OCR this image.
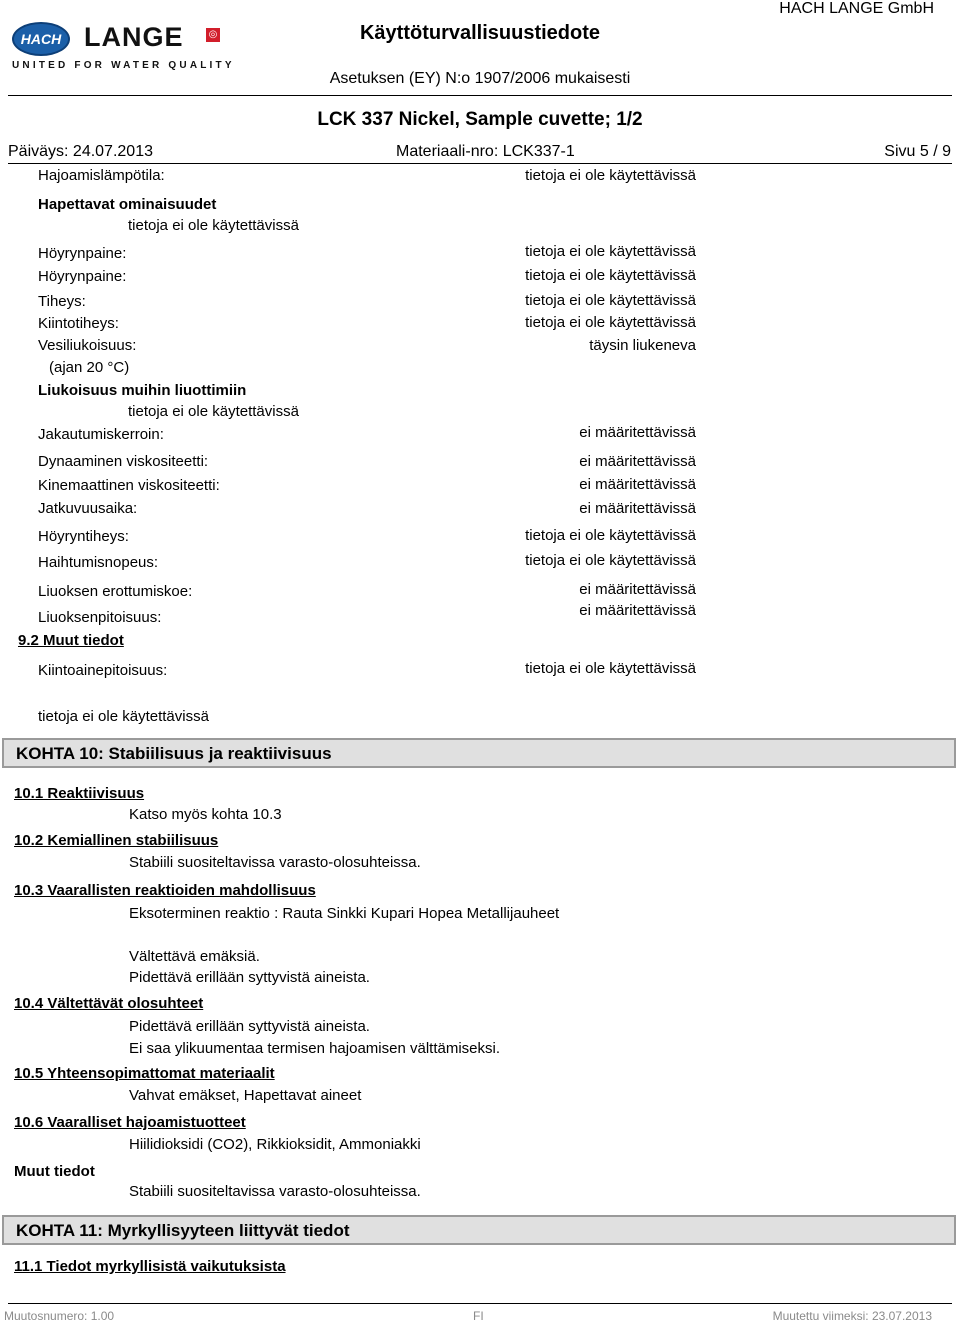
HACH LANGE	◎
UNITED FOR WATER QUALITY
Käyttöturvallisuustiedote
HACH LANGE GmbH
Asetuksen (EY) N:o 1907/2006 mukaisesti
LCK 337 Nickel, Sample cuvette; 1/2
Päiväys: 24.07.2013	Materiaali-nro: LCK337-1	Sivu 5 / 9
Hajoamislämpötila:	tietoja ei ole käytettävissä
Hapettavat ominaisuudet
tietoja ei ole käytettävissä
Höyrynpaine:	tietoja ei ole käytettävissä
Höyrynpaine:	tietoja ei ole käytettävissä
Tiheys:	tietoja ei ole käytettävissä
Kiintotiheys:	tietoja ei ole käytettävissä
Vesiliukoisuus:	täysin liukeneva
(ajan 20 °C)
Liukoisuus muihin liuottimiin
tietoja ei ole käytettävissä
Jakautumiskerroin:	ei määritettävissä
Dynaaminen viskositeetti:	ei määritettävissä
Kinemaattinen viskositeetti:	ei määritettävissä
Jatkuvuusaika:	ei määritettävissä
Höyryntiheys:	tietoja ei ole käytettävissä
Haihtumisnopeus:	tietoja ei ole käytettävissä
Liuoksen erottumiskoe:	ei määritettävissä
Liuoksenpitoisuus:	ei määritettävissä
9.2 Muut tiedot
Kiintoainepitoisuus:	tietoja ei ole käytettävissä
tietoja ei ole käytettävissä
KOHTA 10: Stabiilisuus ja reaktiivisuus
10.1 Reaktiivisuus
Katso myös kohta 10.3
10.2 Kemiallinen stabiilisuus
Stabiili suositeltavissa varasto-olosuhteissa.
10.3 Vaarallisten reaktioiden mahdollisuus
Eksoterminen reaktio : Rauta Sinkki Kupari Hopea Metallijauheet
Vältettävä emäksiä.
Pidettävä erillään syttyvistä aineista.
10.4 Vältettävät olosuhteet
Pidettävä erillään syttyvistä aineista.
Ei saa ylikuumentaa termisen hajoamisen välttämiseksi.
10.5 Yhteensopimattomat materiaalit
Vahvat emäkset, Hapettavat aineet
10.6 Vaaralliset hajoamistuotteet
Hiilidioksidi (CO2), Rikkioksidit, Ammoniakki
Muut tiedot
Stabiili suositeltavissa varasto-olosuhteissa.
KOHTA 11: Myrkyllisyyteen liittyvät tiedot
11.1 Tiedot myrkyllisistä vaikutuksista
Muutosnumero: 1.00	FI	Muutettu viimeksi: 23.07.2013
